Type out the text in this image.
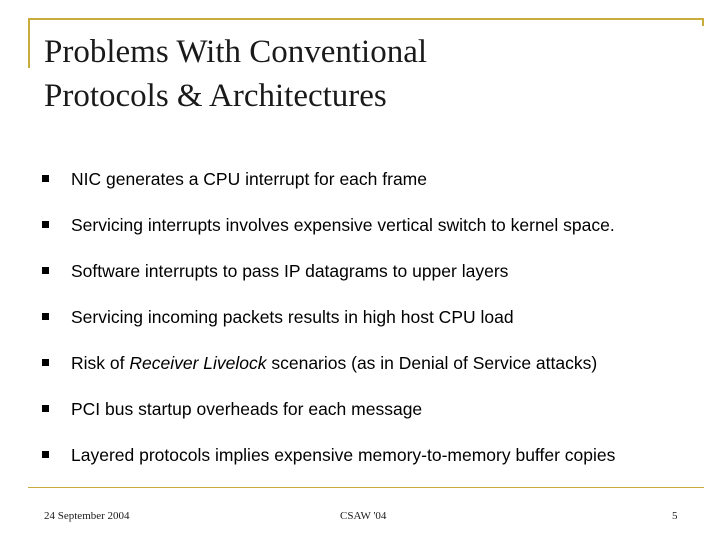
Problems With Conventional
Protocols & Architectures
NIC generates a CPU interrupt for each frame
Servicing interrupts involves expensive vertical switch to kernel space.
Software interrupts to pass IP datagrams to upper layers
Servicing incoming packets results in high host CPU load
Risk of Receiver Livelock scenarios (as in Denial of Service attacks)
PCI bus startup overheads for each message
Layered protocols implies expensive memory-to-memory buffer copies
24 September 2004	CSAW '04	5
